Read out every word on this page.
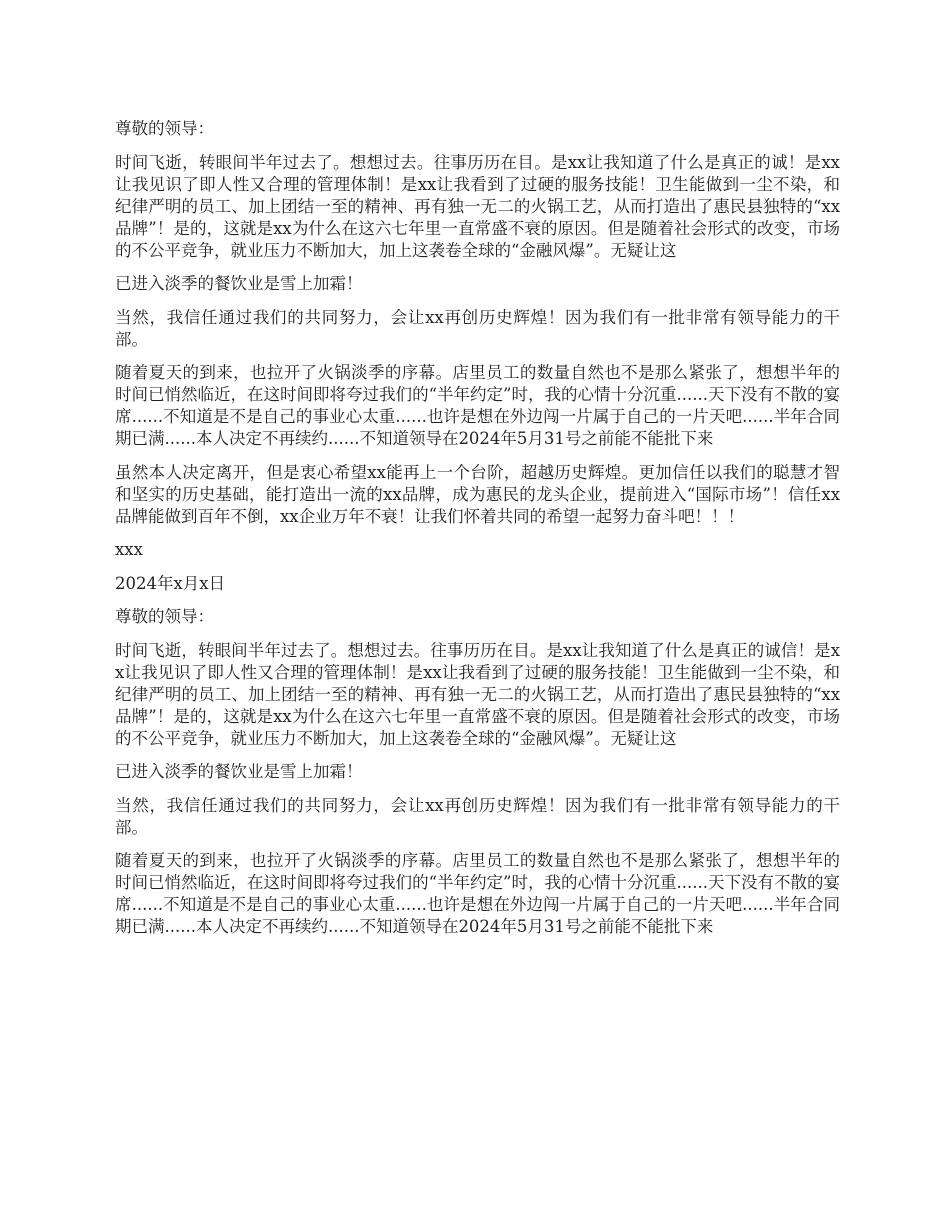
尊敬的领导：

时间飞逝，转眼间半年过去了。想想过去。往事历历在目。是xx让我知道了什么是真正的诚！是xx让我见识了即人性又合理的管理体制！是xx让我看到了过硬的服务技能！卫生能做到一尘不染，和纪律严明的员工、加上团结一至的精神、再有独一无二的火锅工艺，从而打造出了惠民县独特的“xx品牌”！是的，这就是xx为什么在这六七年里一直常盛不衰的原因。但是随着社会形式的改变，市场的不公平竞争，就业压力不断加大，加上这袭卷全球的“金融风爆”。无疑让这

已进入淡季的餐饮业是雪上加霜！

当然，我信任通过我们的共同努力，会让xx再创历史辉煌！因为我们有一批非常有领导能力的干部。

随着夏天的到来，也拉开了火锅淡季的序幕。店里员工的数量自然也不是那么紧张了，想想半年的时间已悄然临近，在这时间即将夸过我们的“半年约定”时，我的心情十分沉重......天下没有不散的宴席......不知道是不是自己的事业心太重......也许是想在外边闯一片属于自己的一片天吧......半年合同期已满......本人决定不再续约......不知道领导在2024年5月31号之前能不能批下来

虽然本人决定离开，但是衷心希望xx能再上一个台阶，超越历史辉煌。更加信任以我们的聪慧才智和坚实的历史基础，能打造出一流的xx品牌，成为惠民的龙头企业，提前进入“国际市场”！信任xx品牌能做到百年不倒，xx企业万年不衰！让我们怀着共同的希望一起努力奋斗吧！！！

xxx

2024年x月x日

尊敬的领导：

时间飞逝，转眼间半年过去了。想想过去。往事历历在目。是xx让我知道了什么是真正的诚信！是xx让我见识了即人性又合理的管理体制！是xx让我看到了过硬的服务技能！卫生能做到一尘不染，和纪律严明的员工、加上团结一至的精神、再有独一无二的火锅工艺，从而打造出了惠民县独特的“xx品牌”！是的，这就是xx为什么在这六七年里一直常盛不衰的原因。但是随着社会形式的改变，市场的不公平竞争，就业压力不断加大，加上这袭卷全球的“金融风爆”。无疑让这

已进入淡季的餐饮业是雪上加霜！

当然，我信任通过我们的共同努力，会让xx再创历史辉煌！因为我们有一批非常有领导能力的干部。

随着夏天的到来，也拉开了火锅淡季的序幕。店里员工的数量自然也不是那么紧张了，想想半年的时间已悄然临近，在这时间即将夸过我们的“半年约定”时，我的心情十分沉重......天下没有不散的宴席......不知道是不是自己的事业心太重......也许是想在外边闯一片属于自己的一片天吧......半年合同期已满......本人决定不再续约......不知道领导在2024年5月31号之前能不能批下来
